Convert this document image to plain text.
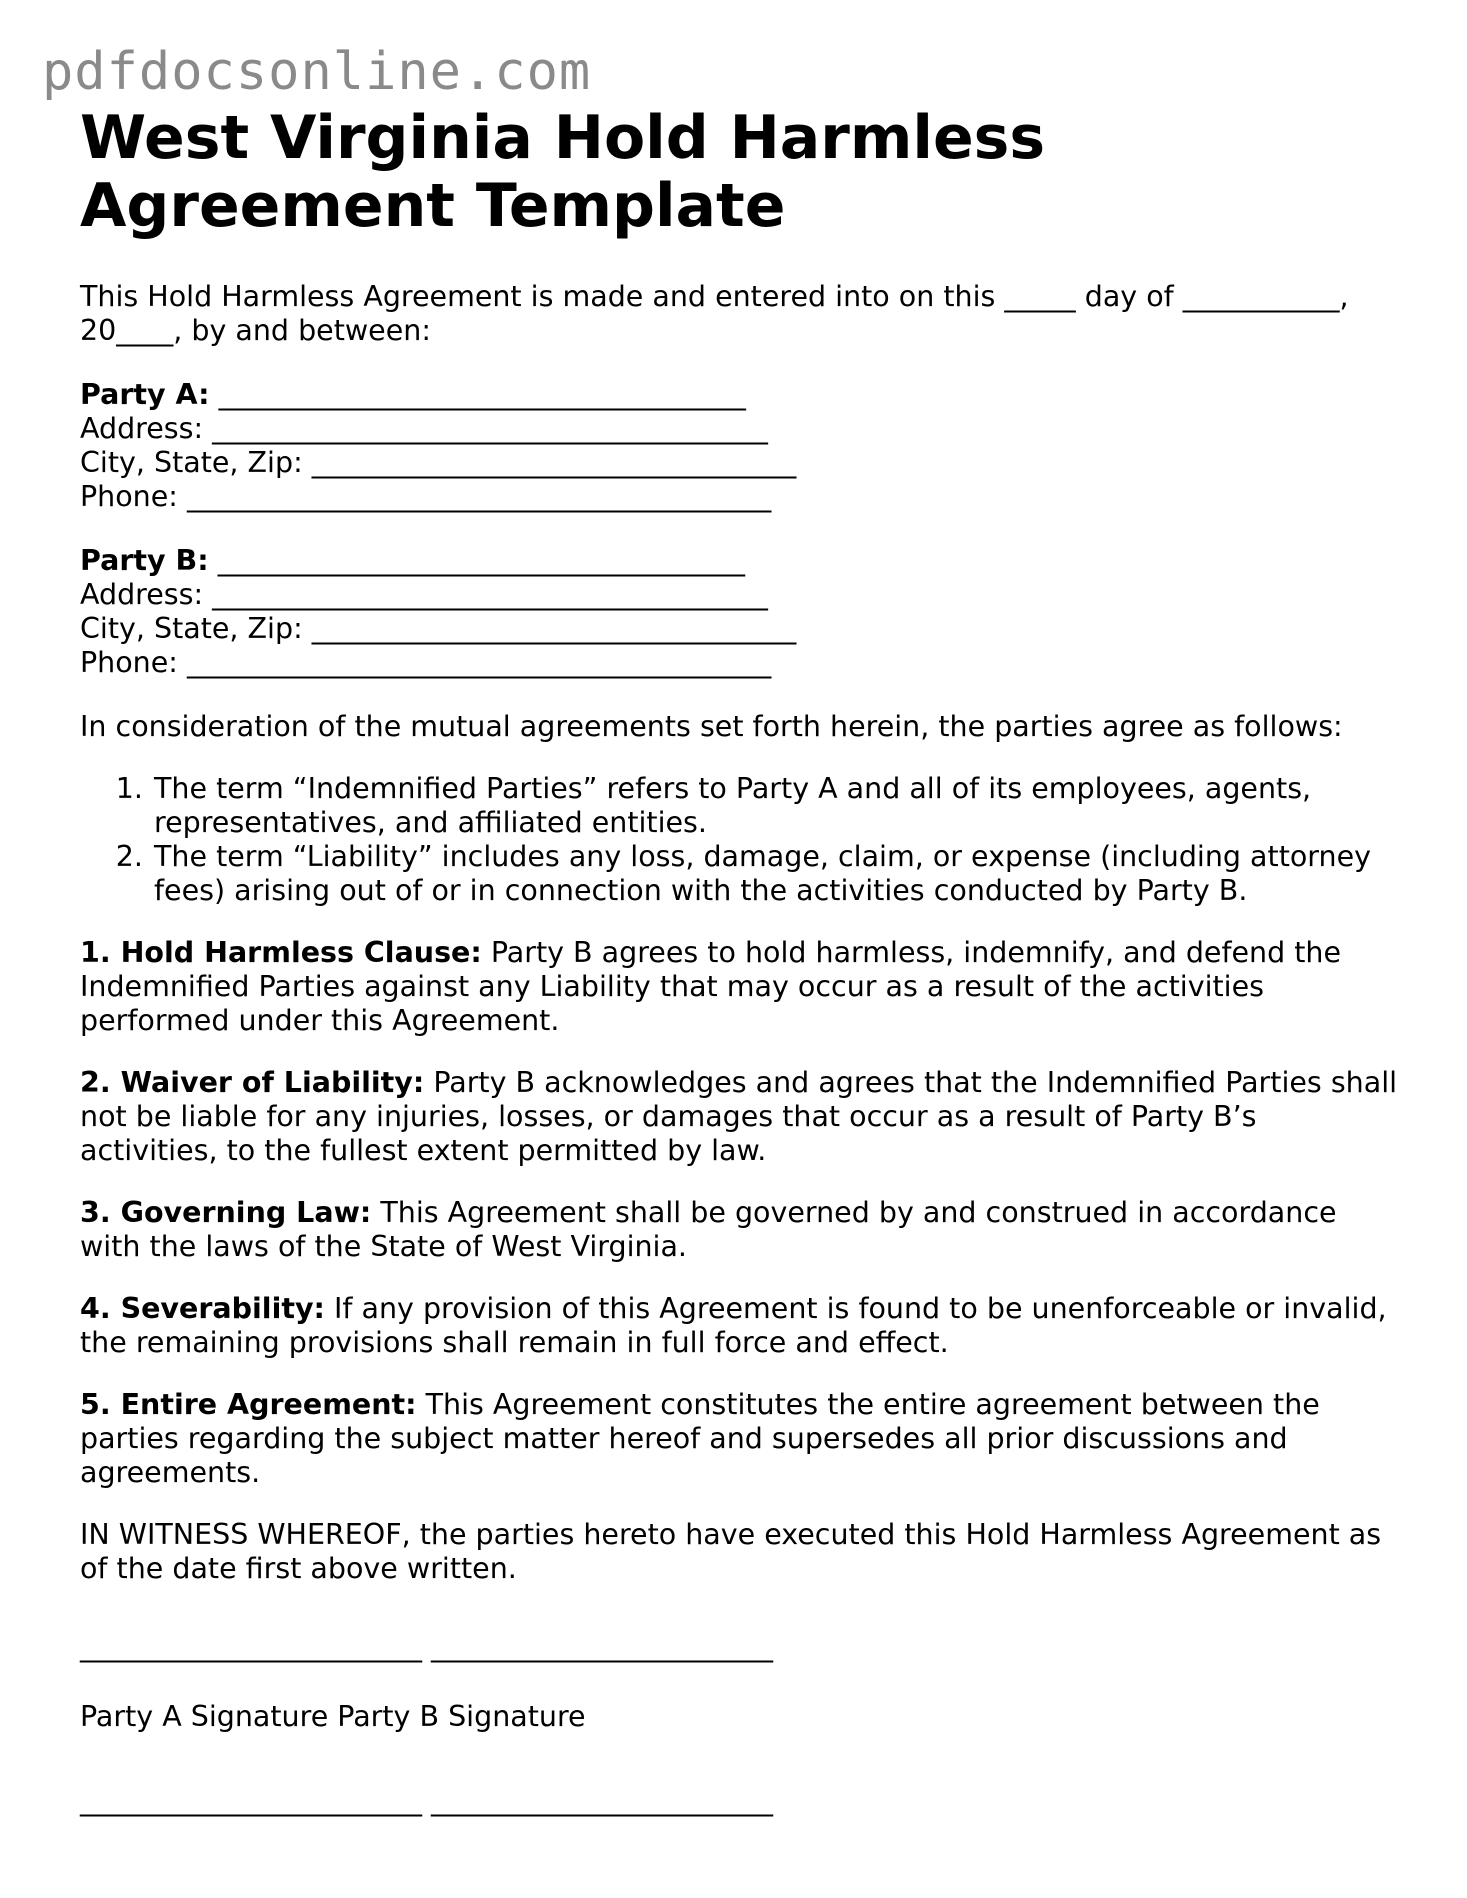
pdfdocsonline.com
West Virginia Hold Harmless Agreement Template

This Hold Harmless Agreement is made and entered into on this _____ day of ___________, 20____, by and between:

Party A: _____________________________________
Address: _______________________________________
City, State, Zip: __________________________________
Phone: _________________________________________
Party B: _____________________________________
Address: _______________________________________
City, State, Zip: __________________________________
Phone: _________________________________________

In consideration of the mutual agreements set forth herein, the parties agree as follows:

1. The term “Indemnified Parties” refers to Party A and all of its employees, agents, representatives, and affiliated entities.
2. The term “Liability” includes any loss, damage, claim, or expense (including attorney fees) arising out of or in connection with the activities conducted by Party B.

1. Hold Harmless Clause: Party B agrees to hold harmless, indemnify, and defend the Indemnified Parties against any Liability that may occur as a result of the activities performed under this Agreement.

2. Waiver of Liability: Party B acknowledges and agrees that the Indemnified Parties shall not be liable for any injuries, losses, or damages that occur as a result of Party B’s activities, to the fullest extent permitted by law.

3. Governing Law: This Agreement shall be governed by and construed in accordance with the laws of the State of West Virginia.

4. Severability: If any provision of this Agreement is found to be unenforceable or invalid, the remaining provisions shall remain in full force and effect.

5. Entire Agreement: This Agreement constitutes the entire agreement between the parties regarding the subject matter hereof and supersedes all prior discussions and agreements.

IN WITNESS WHEREOF, the parties hereto have executed this Hold Harmless Agreement as of the date first above written.

________________________ ________________________
Party A Signature Party B Signature
________________________ ________________________
